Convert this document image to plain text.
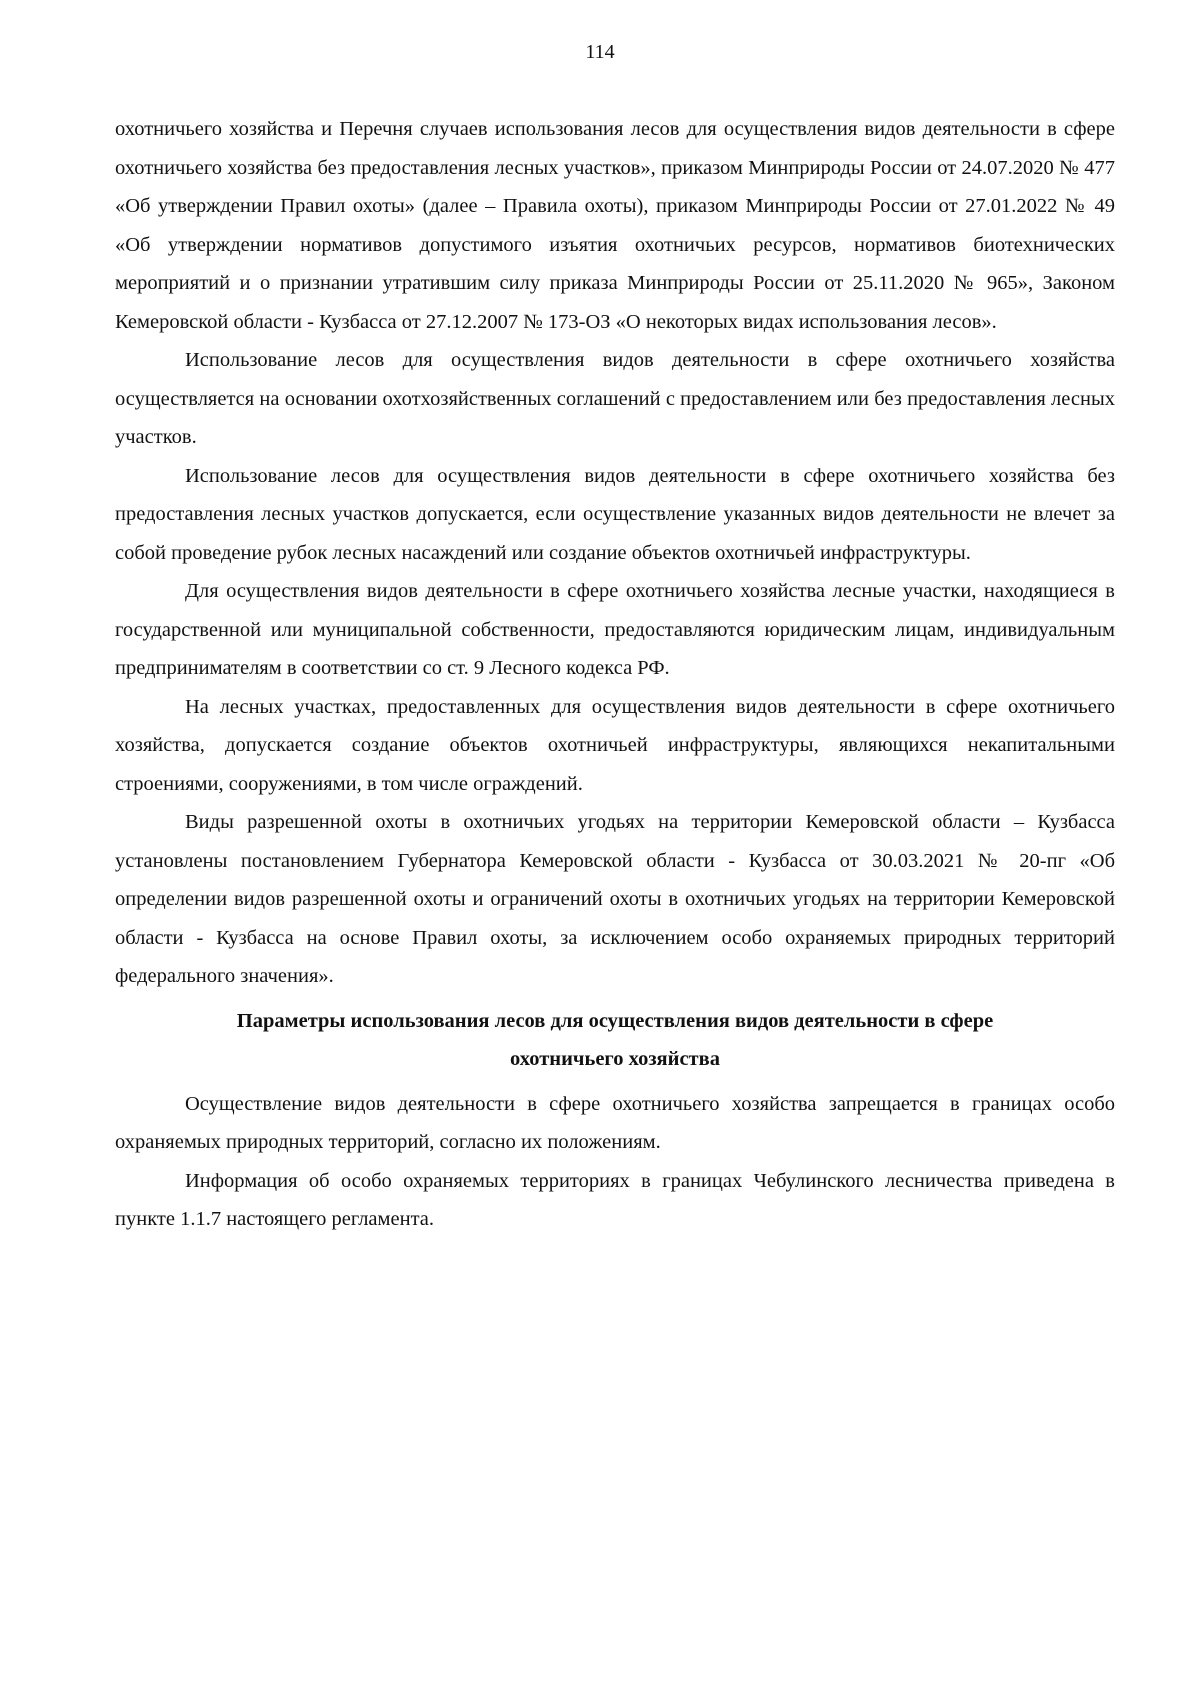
114

охотничьего хозяйства и Перечня случаев использования лесов для осуществления видов деятельности в сфере охотничьего хозяйства без предоставления лесных участков», приказом Минприроды России от 24.07.2020 № 477 «Об утверждении Правил охоты» (далее – Правила охоты), приказом Минприроды России от 27.01.2022 № 49 «Об утверждении нормативов допустимого изъятия охотничьих ресурсов, нормативов биотехнических мероприятий и о признании утратившим силу приказа Минприроды России от 25.11.2020 № 965», Законом Кемеровской области - Кузбасса от 27.12.2007 № 173-ОЗ «О некоторых видах использования лесов».

Использование лесов для осуществления видов деятельности в сфере охотничьего хозяйства осуществляется на основании охотхозяйственных соглашений с предоставлением или без предоставления лесных участков.

Использование лесов для осуществления видов деятельности в сфере охотничьего хозяйства без предоставления лесных участков допускается, если осуществление указанных видов деятельности не влечет за собой проведение рубок лесных насаждений или создание объектов охотничьей инфраструктуры.

Для осуществления видов деятельности в сфере охотничьего хозяйства лесные участки, находящиеся в государственной или муниципальной собственности, предоставляются юридическим лицам, индивидуальным предпринимателям в соответствии со ст. 9 Лесного кодекса РФ.

На лесных участках, предоставленных для осуществления видов деятельности в сфере охотничьего хозяйства, допускается создание объектов охотничьей инфраструктуры, являющихся некапитальными строениями, сооружениями, в том числе ограждений.

Виды разрешенной охоты в охотничьих угодьях на территории Кемеровской области – Кузбасса установлены постановлением Губернатора Кемеровской области - Кузбасса от 30.03.2021 № 20-пг «Об определении видов разрешенной охоты и ограничений охоты в охотничьих угодьях на территории Кемеровской области - Кузбасса на основе Правил охоты, за исключением особо охраняемых природных территорий федерального значения».

Параметры использования лесов для осуществления видов деятельности в сфере охотничьего хозяйства

Осуществление видов деятельности в сфере охотничьего хозяйства запрещается в границах особо охраняемых природных территорий, согласно их положениям.

Информация об особо охраняемых территориях в границах Чебулинского лесничества приведена в пункте 1.1.7 настоящего регламента.
